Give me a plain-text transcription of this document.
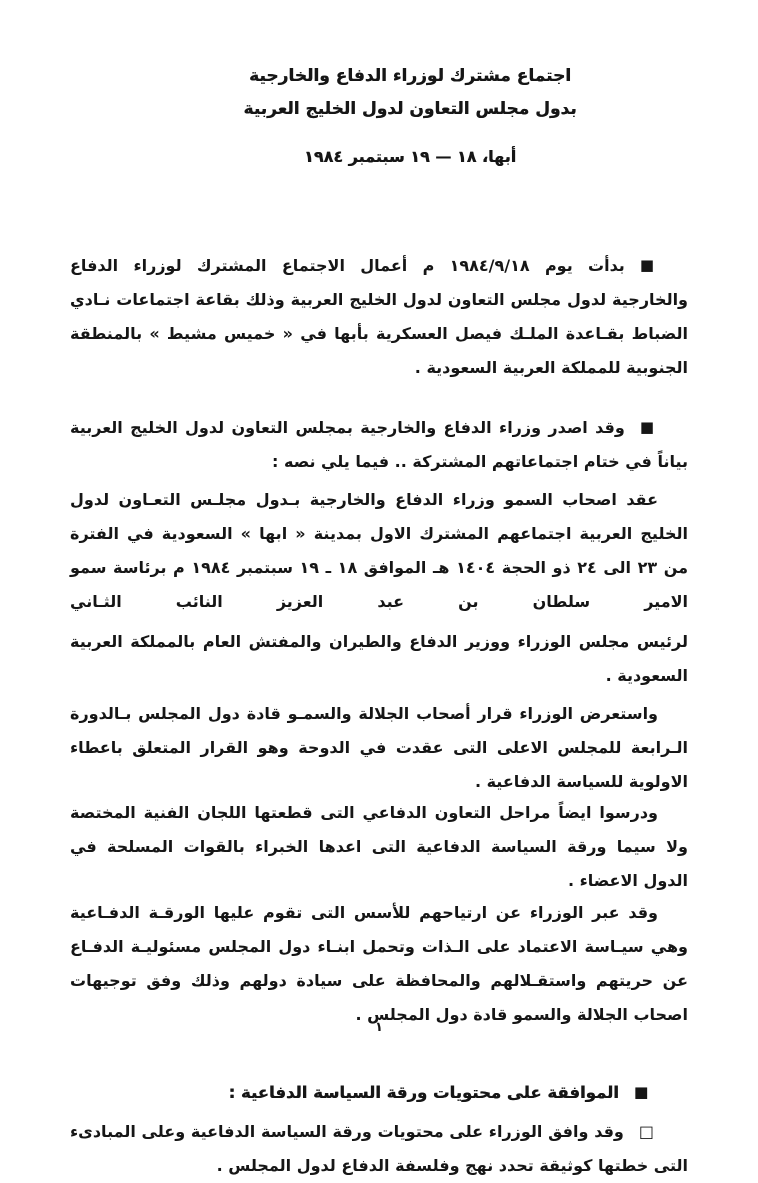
اجتماع مشترك لوزراء الدفاع والخارجية
بدول مجلس التعاون لدول الخليج العربية
أبها، ١٨ — ١٩ سبتمبر ١٩٨٤

■بدأت يوم ١٩٨٤/٩/١٨ م أعمال الاجتماع المشترك لوزراء الدفاع والخارجية لدول مجلس التعاون لدول الخليج العربية وذلك بقاعة اجتماعات نـادي الضباط بقـاعدة الملـك فيصل العسكرية بأبها في « خميس مشيط » بالمنطقة الجنوبية للمملكة العربية السعودية .

■وقد اصدر وزراء الدفاع والخارجية بمجلس التعاون لدول الخليج العربية بياناً في ختام اجتماعاتهم المشتركة .. فيما يلي نصه :

عقد اصحاب السمو وزراء الدفاع والخارجية بـدول مجلـس التعـاون لدول الخليج العربية اجتماعهم المشترك الاول بمدينة « ابها » السعودية في الفترة من ٢٣ الى ٢٤ ذو الحجة ١٤٠٤ هـ الموافق ١٨ ـ ١٩ سبتمبر ١٩٨٤ م برئاسة سمو الامير سلطان بن عبد العزيز النائب الثـاني

لرئيس مجلس الوزراء ووزير الدفاع والطيران والمفتش العام بالمملكة العربية السعودية .

واستعرض الوزراء قرار أصحاب الجلالة والسمـو قادة دول المجلس بـالدورة الـرابعة للمجلس الاعلى التى عقدت في الدوحة وهو القرار المتعلق باعطاء الاولوية للسياسة الدفاعية .

ودرسوا ايضاً مراحل التعاون الدفاعي التى قطعتها اللجان الفنية المختصة ولا سيما ورقة السياسة الدفاعية التى اعدها الخبراء بالقوات المسلحة في الدول الاعضاء .

وقد عبر الوزراء عن ارتياحهم للأسس التى تقوم عليها الورقـة الدفـاعية وهي سيـاسة الاعتماد على الـذات وتحمل ابنـاء دول المجلس مسئوليـة الدفـاع عن حريتهم واستقـلالهم والمحافظة على سيادة دولهم وذلك وفق توجيهات اصحاب الجلالة والسمو قادة دول المجلس .

■الموافقة على محتويات ورقة السياسة الدفاعية :

□وقد وافق الوزراء على محتويات ورقة السياسة الدفاعية وعلى المبادىء التى خطتها كوثيقة تحدد نهج وفلسفة الدفاع لدول المجلس .

١
